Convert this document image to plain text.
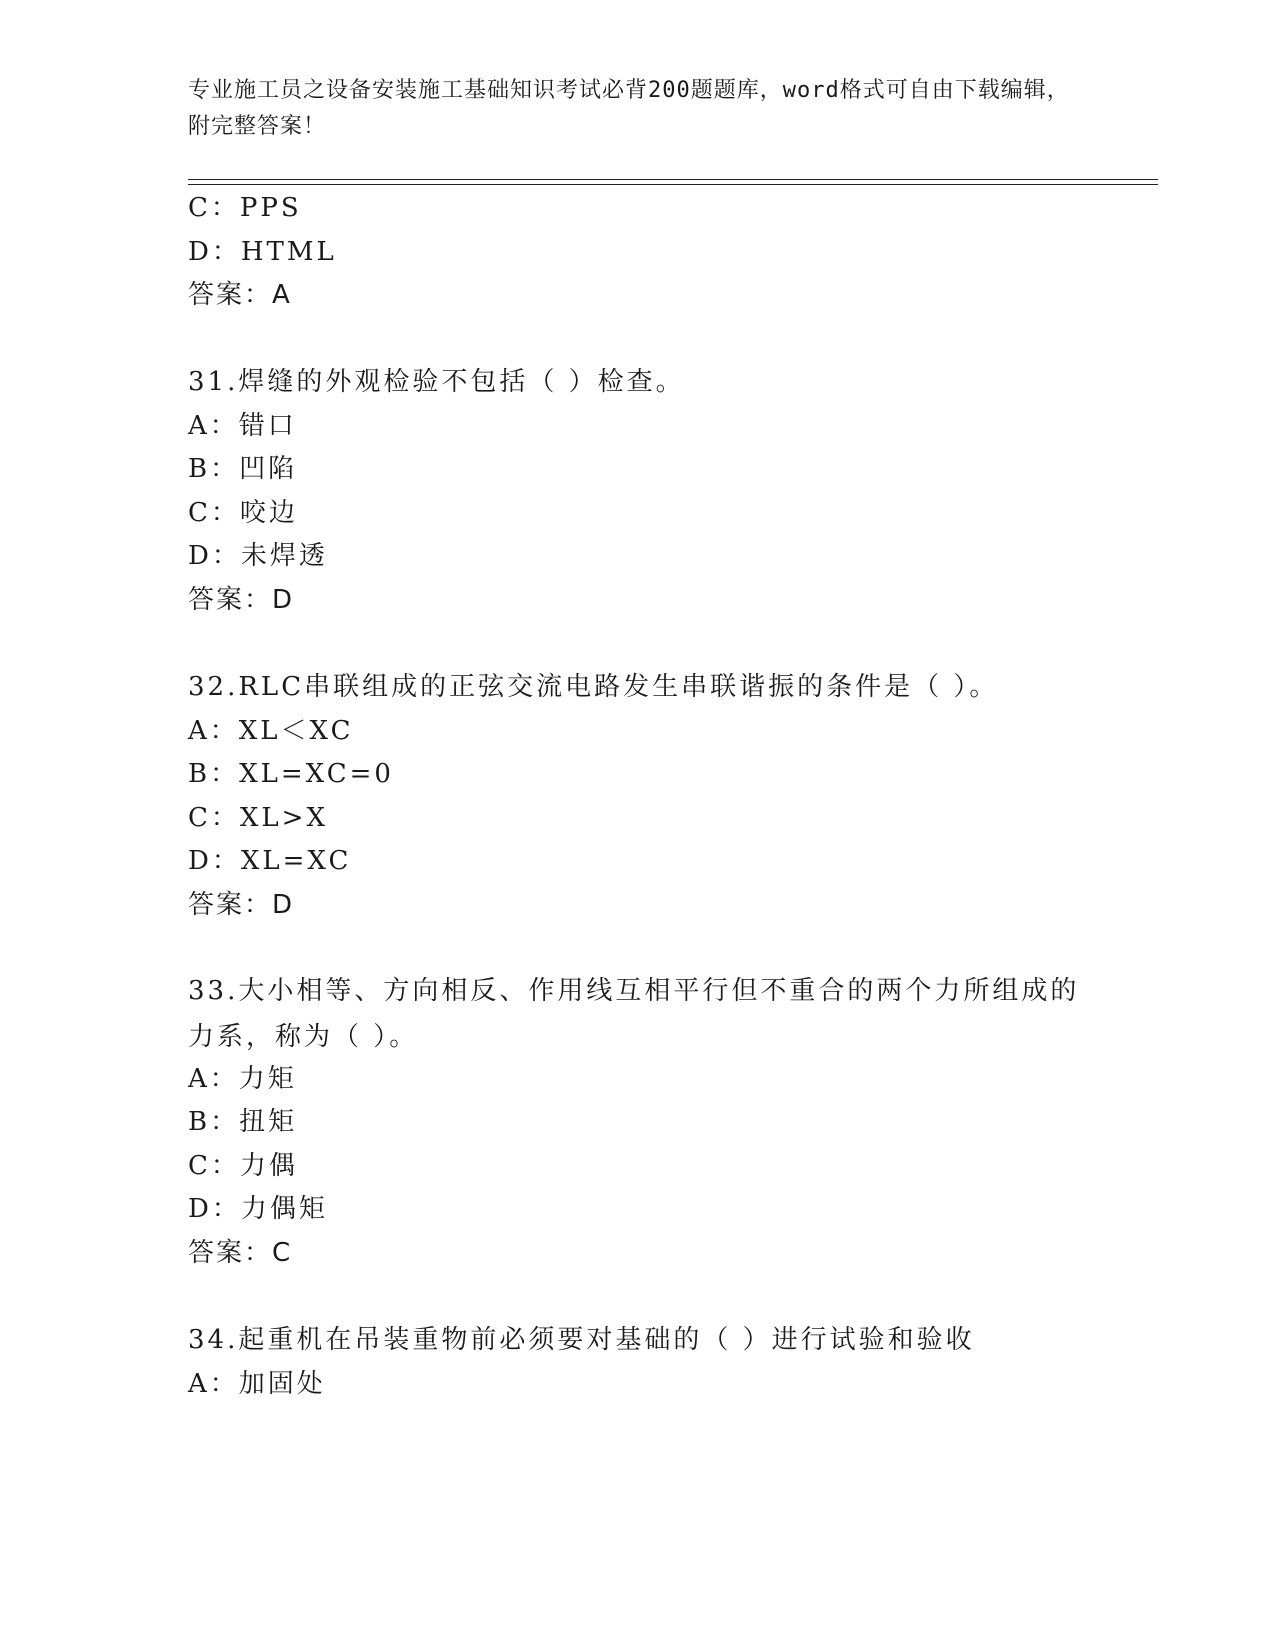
专业施工员之设备安装施工基础知识考试必背200题题库，word格式可自由下载编辑，附完整答案！
C：PPS
D：HTML
答案：A
31.焊缝的外观检验不包括（ ）检查。
A：错口
B：凹陷
C：咬边
D：未焊透
答案：D
32.RLC串联组成的正弦交流电路发生串联谐振的条件是（ ）。
A：XL＜XC
B：XL=XC=0
C：XL>X
D：XL=XC
答案：D
33.大小相等、方向相反、作用线互相平行但不重合的两个力所组成的力系，称为（ ）。
A：力矩
B：扭矩
C：力偶
D：力偶矩
答案：C
34.起重机在吊装重物前必须要对基础的（ ）进行试验和验收
A：加固处
